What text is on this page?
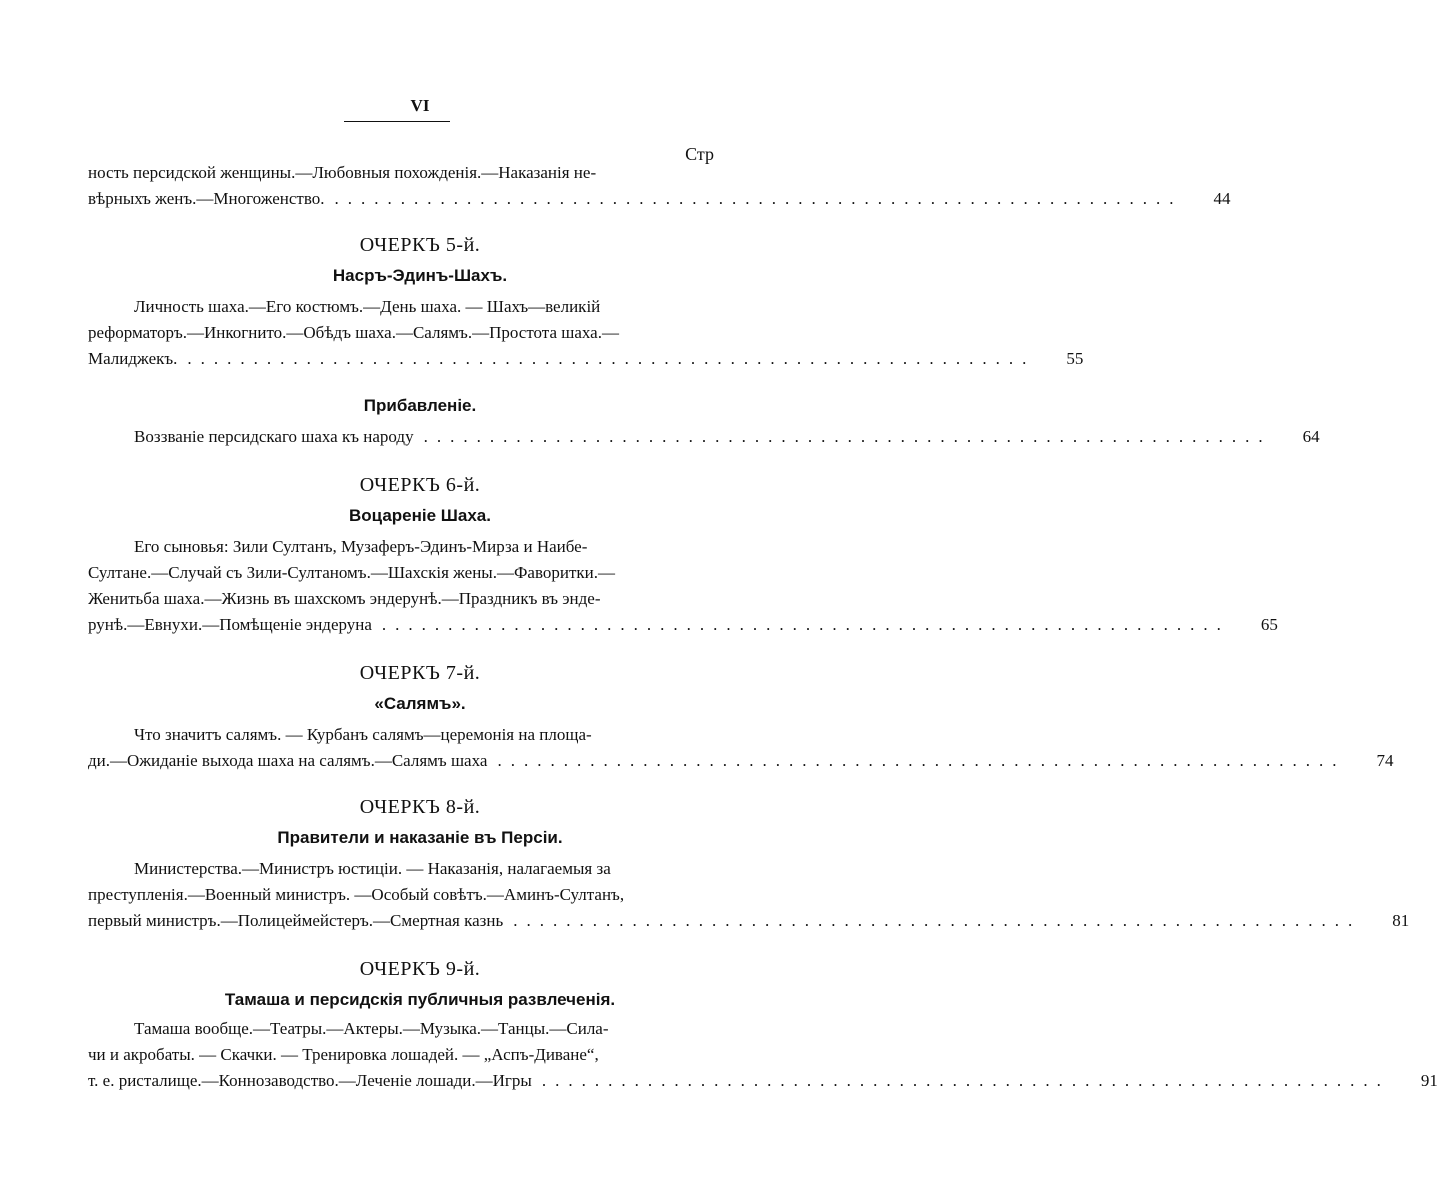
VI
Стр
ность персидской женщины.—Любовныя похожденія.—Наказанія не-
вѣрныхъ женъ.—Многоженство. ................................................................	44
ОЧЕРКЪ 5-й.
Насръ-Эдинъ-Шахъ.
Личность шаха.—Его костюмъ.—День шаха. — Шахъ—великій
реформаторъ.—Инкогнито.—Обѣдъ шаха.—Салямъ.—Простота шаха.—
Малиджекъ. ................................................................	55
Прибавленіе.
Воззваніе персидскаго шаха къ народу ................................................................	64
ОЧЕРКЪ 6-й.
Воцареніе Шаха.
Его сыновья: Зили Султанъ, Музаферъ-Эдинъ-Мирза и Наибе-
Султане.—Случай съ Зили-Султаномъ.—Шахскія жены.—Фаворитки.—
Женитьба шаха.—Жизнь въ шахскомъ эндерунѣ.—Праздникъ въ энде-
рунѣ.—Евнухи.—Помѣщеніе эндеруна ................................................................	65
ОЧЕРКЪ 7-й.
«Салямъ».
Что значитъ салямъ. — Курбанъ салямъ—церемонія на площа-
ди.—Ожиданіе выхода шаха на салямъ.—Салямъ шаха ................................................................	74
ОЧЕРКЪ 8-й.
Правители и наказаніе въ Персіи.
Министерства.—Министръ юстиціи. — Наказанія, налагаемыя за
преступленія.—Военный министръ. —Особый совѣтъ.—Аминъ-Султанъ,
первый министръ.—Полицеймейстеръ.—Смертная казнь ................................................................	81
ОЧЕРКЪ 9-й.
Тамаша и персидскія публичныя развлеченія.
Тамаша вообще.—Театры.—Актеры.—Музыка.—Танцы.—Сила-
чи и акробаты. — Скачки. — Тренировка лошадей. — „Аспъ-Диване“,
т. е. ристалище.—Коннозаводство.—Леченіе лошади.—Игры ................................................................	91
